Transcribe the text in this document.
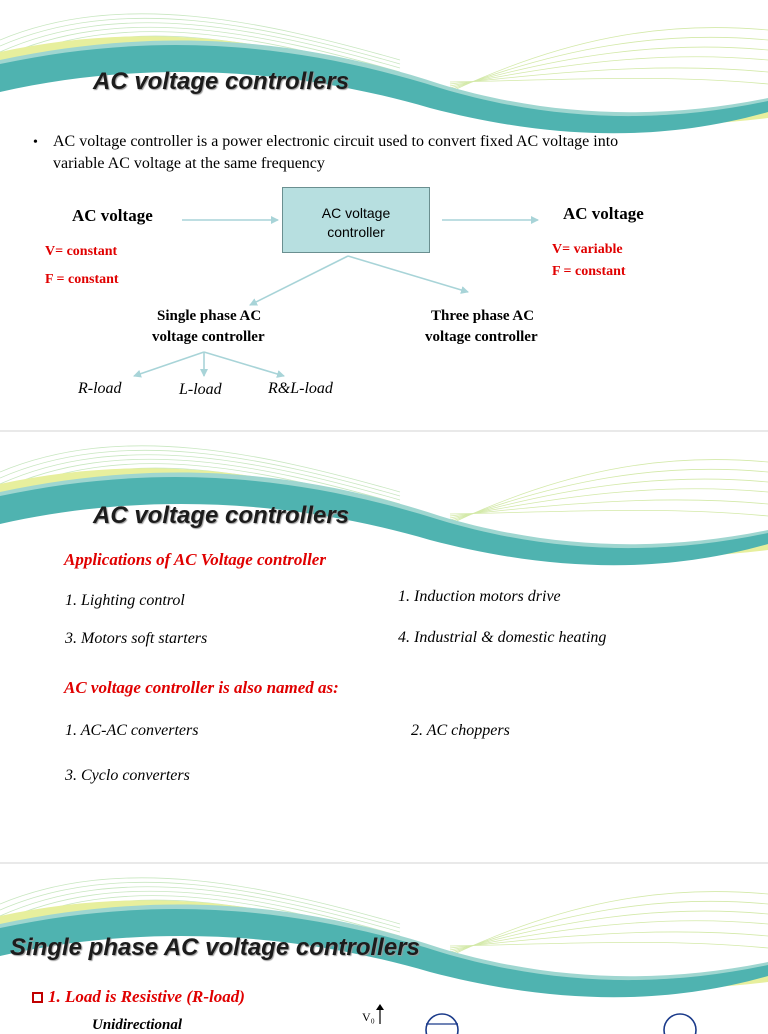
AC voltage controllers
• AC voltage controller is a power electronic circuit used to convert fixed AC voltage into
variable AC voltage at the same frequency
AC voltage
V= constant
F = constant
AC voltage
controller
AC voltage
V= variable
F = constant
Single phase AC
voltage controller
Three phase AC
voltage controller
R-load	L-load	R&L-load
AC voltage controllers
Applications of AC Voltage controller
1. Lighting control	1. Induction motors drive
3. Motors soft starters	4. Industrial & domestic heating
AC voltage controller is also named as:
1. AC-AC converters	2. AC choppers
3. Cyclo converters
Single phase AC voltage controllers
1. Load is Resistive (R-load)
Unidirectional	V₀
